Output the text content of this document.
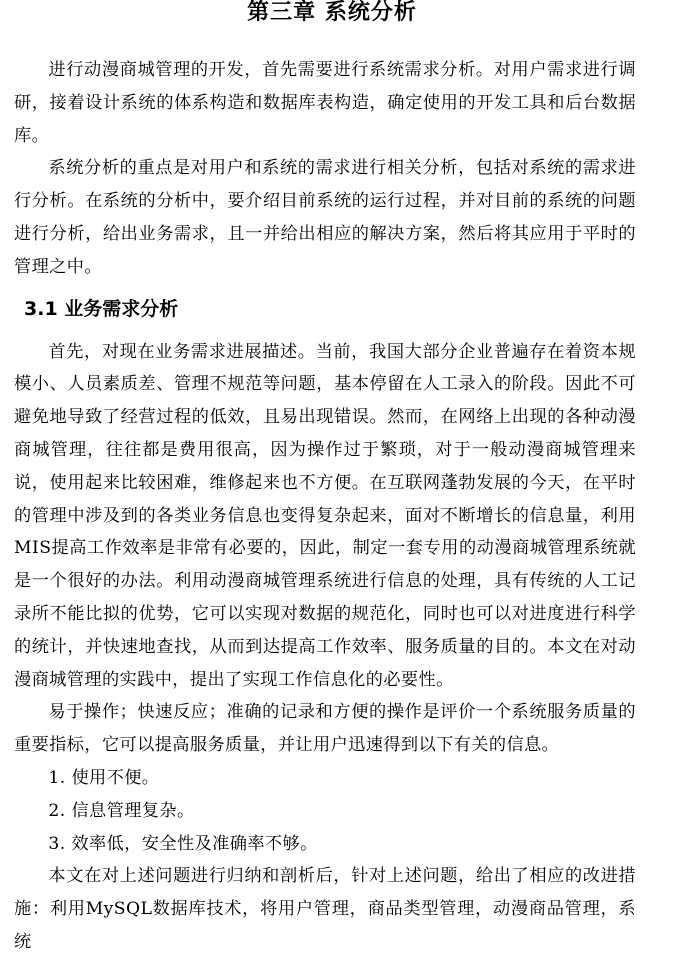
第三章 系统分析

进行动漫商城管理的开发，首先需要进行系统需求分析。对用户需求进行调研，接着设计系统的体系构造和数据库表构造，确定使用的开发工具和后台数据库。

系统分析的重点是对用户和系统的需求进行相关分析，包括对系统的需求进行分析。在系统的分析中，要介绍目前系统的运行过程，并对目前的系统的问题进行分析，给出业务需求，且一并给出相应的解决方案，然后将其应用于平时的管理之中。

3.1 业务需求分析

首先，对现在业务需求进展描述。当前，我国大部分企业普遍存在着资本规模小、人员素质差、管理不规范等问题，基本停留在人工录入的阶段。因此不可避免地导致了经营过程的低效，且易出现错误。然而，在网络上出现的各种动漫商城管理，往往都是费用很高，因为操作过于繁琐，对于一般动漫商城管理来说，使用起来比较困难，维修起来也不方便。在互联网蓬勃发展的今天，在平时的管理中涉及到的各类业务信息也变得复杂起来，面对不断增长的信息量，利用MIS提高工作效率是非常有必要的，因此，制定一套专用的动漫商城管理系统就是一个很好的办法。利用动漫商城管理系统进行信息的处理，具有传统的人工记录所不能比拟的优势，它可以实现对数据的规范化，同时也可以对进度进行科学的统计，并快速地查找，从而到达提高工作效率、服务质量的目的。本文在对动漫商城管理的实践中，提出了实现工作信息化的必要性。

易于操作；快速反应；准确的记录和方便的操作是评价一个系统服务质量的重要指标，它可以提高服务质量，并让用户迅速得到以下有关的信息。

1. 使用不便。

2. 信息管理复杂。

3. 效率低，安全性及准确率不够。

本文在对上述问题进行归纳和剖析后，针对上述问题，给出了相应的改进措施：利用MySQL数据库技术，将用户管理，商品类型管理，动漫商品管理，系统
